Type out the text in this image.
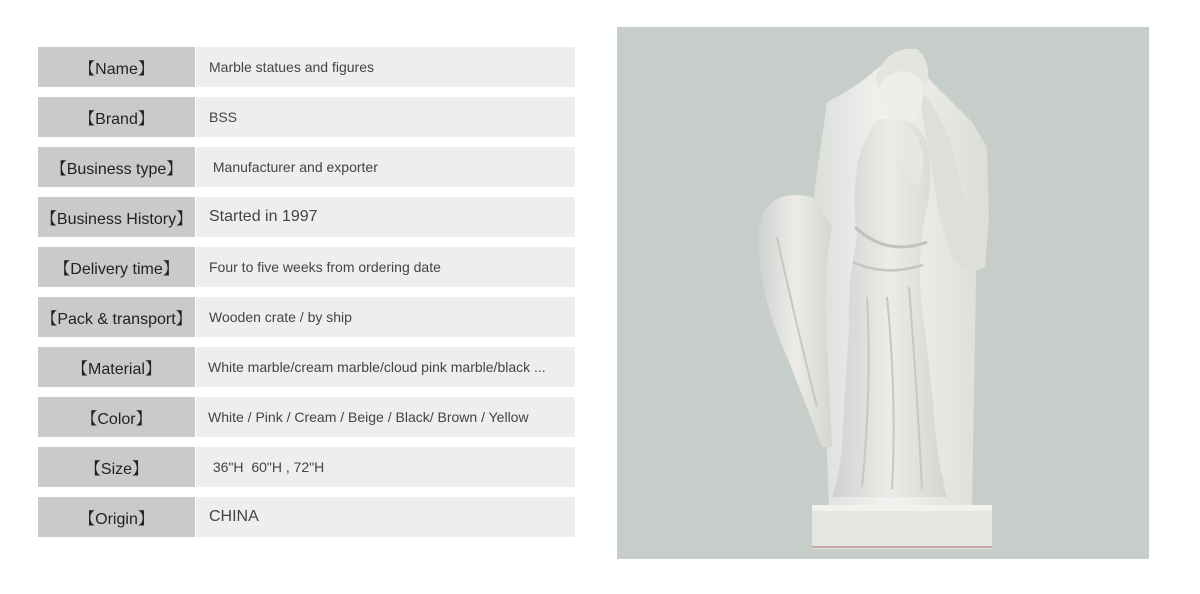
【Name】	Marble statues and figures
【Brand】	BSS
【Business type】	Manufacturer and exporter
【Business History】 Started in 1997
【Delivery time】	Four to five weeks from ordering date
【Pack & transport】 Wooden crate / by ship
【Material】	White marble/cream marble/cloud pink marble/black ...
【Color】	White / Pink / Cream / Beige / Black/ Brown / Yellow
【Size】	36"H  60"H , 72"H
【Origin】	CHINA
